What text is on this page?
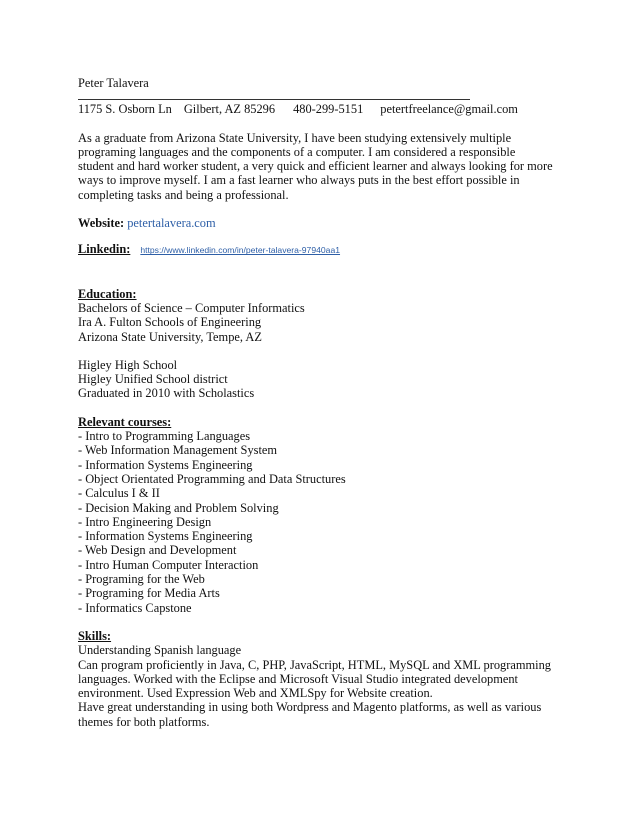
Peter Talavera
1175 S. Osborn Ln Gilbert, AZ 85296 480-299-5151 petertfreelance@gmail.com
As a graduate from Arizona State University, I have been studying extensively multiple
programing languages and the components of a computer. I am considered a responsible
student and hard worker student, a very quick and efficient learner and always looking for more
ways to improve myself. I am a fast learner who always puts in the best effort possible in
completing tasks and being a professional.
Website: petertalavera.com
Linkedin: https://www.linkedin.com/in/peter-talavera-97940aa1
Education:
Bachelors of Science – Computer Informatics
Ira A. Fulton Schools of Engineering
Arizona State University, Tempe, AZ
Higley High School
Higley Unified School district
Graduated in 2010 with Scholastics
Relevant courses:
- Intro to Programming Languages
- Web Information Management System
- Information Systems Engineering
- Object Orientated Programming and Data Structures
- Calculus I & II
- Decision Making and Problem Solving
- Intro Engineering Design
- Information Systems Engineering
- Web Design and Development
- Intro Human Computer Interaction
- Programing for the Web
- Programing for Media Arts
- Informatics Capstone
Skills:
Understanding Spanish language
Can program proficiently in Java, C, PHP, JavaScript, HTML, MySQL and XML programming
languages. Worked with the Eclipse and Microsoft Visual Studio integrated development
environment. Used Expression Web and XMLSpy for Website creation.
Have great understanding in using both Wordpress and Magento platforms, as well as various
themes for both platforms.
